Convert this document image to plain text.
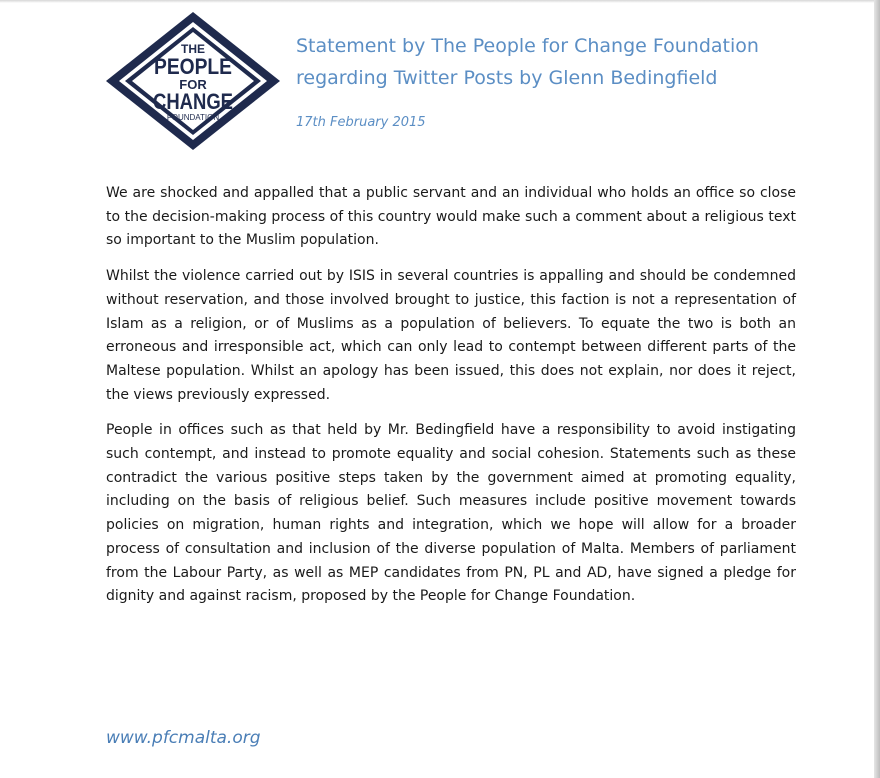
THE
PEOPLE
FOR
CHANGE
FOUNDATION
Statement by The People for Change Foundation
regarding Twitter Posts by Glenn Bedingfield
17th February 2015

We are shocked and appalled that a public servant and an individual who holds an office so close to the decision-making process of this country would make such a comment about a religious text so important to the Muslim population.

Whilst the violence carried out by ISIS in several countries is appalling and should be condemned without reservation, and those involved brought to justice, this faction is not a representation of Islam as a religion, or of Muslims as a population of believers. To equate the two is both an erroneous and irresponsible act, which can only lead to contempt between different parts of the Maltese population. Whilst an apology has been issued, this does not explain, nor does it reject, the views previously expressed.

People in offices such as that held by Mr. Bedingfield have a responsibility to avoid instigating such contempt, and instead to promote equality and social cohesion. Statements such as these contradict the various positive steps taken by the government aimed at promoting equality, including on the basis of religious belief. Such measures include positive movement towards policies on migration, human rights and integration, which we hope will allow for a broader process of consultation and inclusion of the diverse population of Malta. Members of parliament from the Labour Party, as well as MEP candidates from PN, PL and AD, have signed a pledge for dignity and against racism, proposed by the People for Change Foundation.

www.pfcmalta.org
